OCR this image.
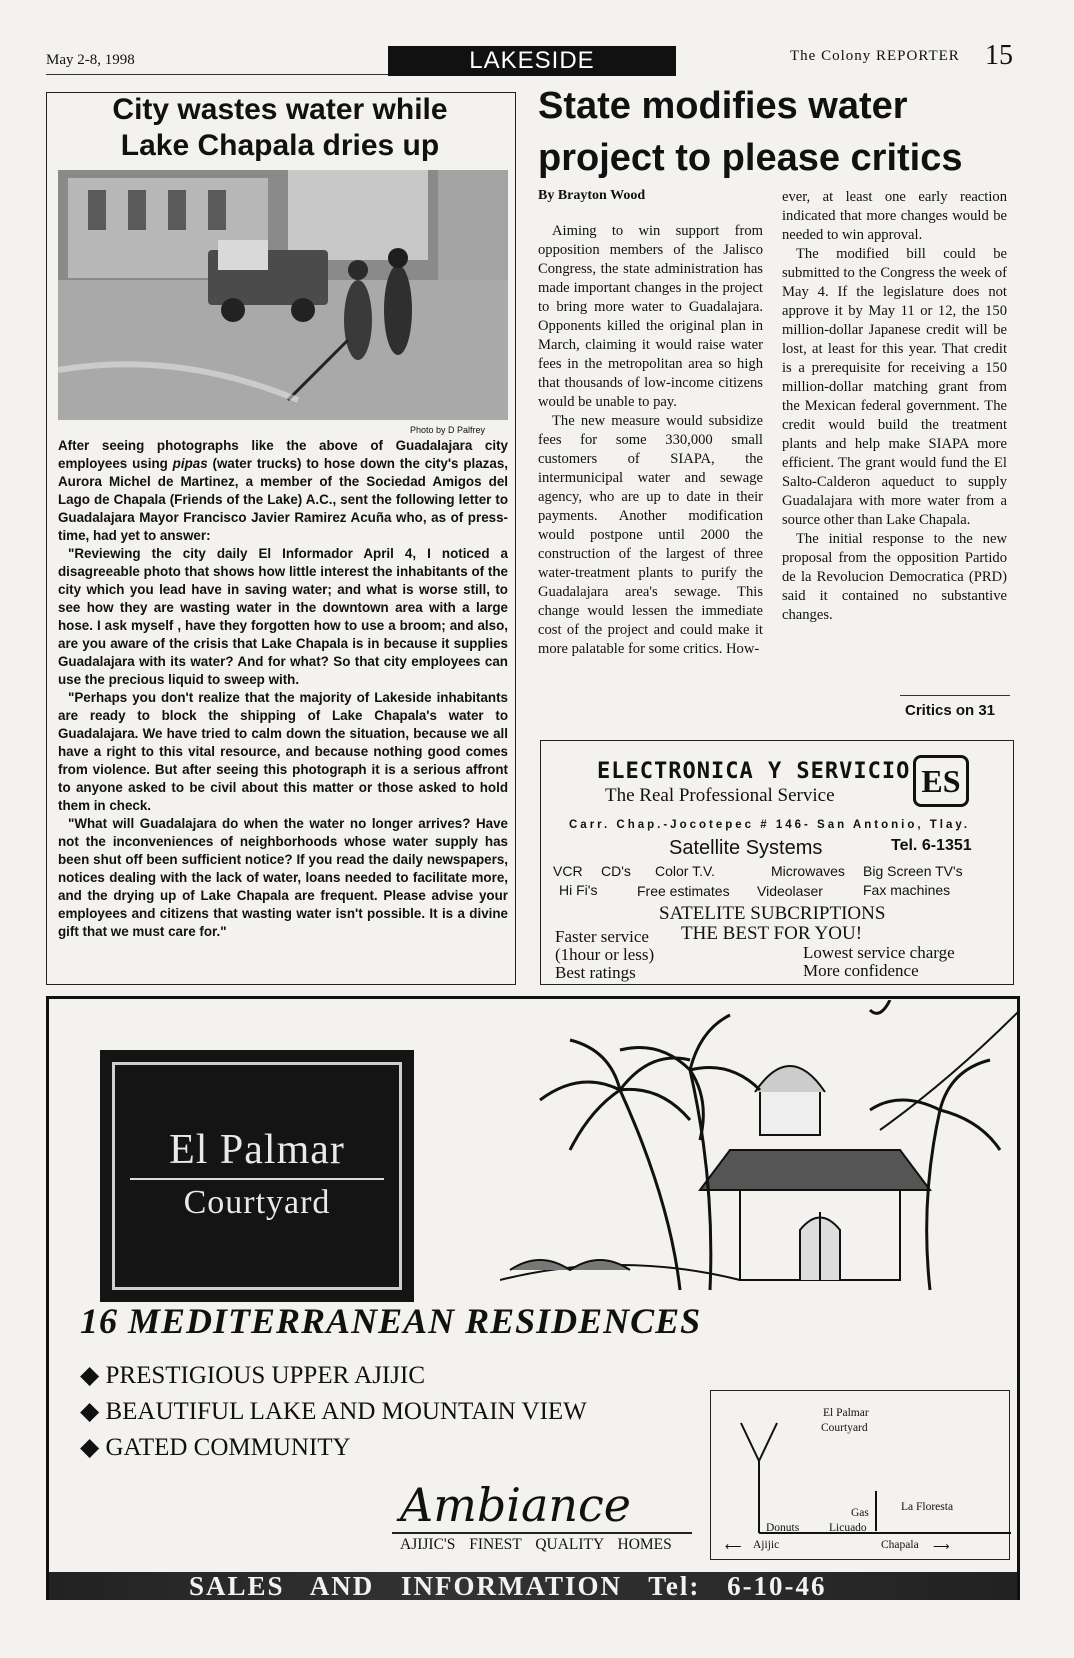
May 2-8, 1998	LAKESIDE	The Colony REPORTER 15
City wastes water while
Lake Chapala dries up
Photo by D Palfrey

After seeing photographs like the above of Guadalajara city employees using pipas (water trucks) to hose down the city's plazas, Aurora Michel de Martinez, a member of the Sociedad Amigos del Lago de Chapala (Friends of the Lake) A.C., sent the following letter to Guadalajara Mayor Francisco Javier Ramirez Acuña who, as of press-time, had yet to answer:

"Reviewing the city daily El Informador April 4, I noticed a disagreeable photo that shows how little interest the inhabitants of the city which you lead have in saving water; and what is worse still, to see how they are wasting water in the downtown area with a large hose. I ask myself , have they forgotten how to use a broom; and also, are you aware of the crisis that Lake Chapala is in because it supplies Guadalajara with its water? And for what? So that city employees can use the precious liquid to sweep with.

"Perhaps you don't realize that the majority of Lakeside inhabitants are ready to block the shipping of Lake Chapala's water to Guadalajara. We have tried to calm down the situation, because we all have a right to this vital resource, and because nothing good comes from violence. But after seeing this photograph it is a serious affront to anyone asked to be civil about this matter or those asked to hold them in check.

"What will Guadalajara do when the water no longer arrives? Have not the inconveniences of neighborhoods whose water supply has been shut off been sufficient notice? If you read the daily newspapers, notices dealing with the lack of water, loans needed to facilitate more, and the drying up of Lake Chapala are frequent. Please advise your employees and citizens that wasting water isn't possible. It is a divine gift that we must care for."

State modifies water
project to please critics
By Brayton Wood

Aiming to win support from opposition members of the Jalisco Congress, the state administration has made important changes in the project to bring more water to Guadalajara. Opponents killed the original plan in March, claiming it would raise water fees in the metropolitan area so high that thousands of low-income citizens would be unable to pay.

The new measure would subsidize fees for some 330,000 small customers of SIAPA, the intermunicipal water and sewage agency, who are up to date in their payments. Another modification would postpone until 2000 the construction of the largest of three water-treatment plants to purify the Guadalajara area's sewage. This change would lessen the immediate cost of the project and could make it more palatable for some critics. How-

ever, at least one early reaction indicated that more changes would be needed to win approval.

The modified bill could be submitted to the Congress the week of May 4. If the legislature does not approve it by May 11 or 12, the 150 million-dollar Japanese credit will be lost, at least for this year. That credit is a prerequisite for receiving a 150 million-dollar matching grant from the Mexican federal government. The credit would build the treatment plants and help make SIAPA more efficient. The grant would fund the El Salto-Calderon aqueduct to supply Guadalajara with more water from a source other than Lake Chapala.

The initial response to the new proposal from the opposition Partido de la Revolucion Democratica (PRD) said it contained no substantive changes.

Critics on 31
ELECTRONICA Y SERVICIO
The Real Professional Service	ES
Carr. Chap.-Jocotepec # 146- San Antonio, Tlay.
Satellite Systems	Tel. 6-1351
VCR CD's Color T.V.	Microwaves Big Screen TV's
Hi Fi's	Free estimates Videolaser	Fax machines
SATELITE SUBCRIPTIONS
THE BEST FOR YOU!
Faster service
(1hour or less)
Best ratings
Lowest service charge
More confidence
El Palmar
Courtyard
16 MEDITERRANEAN RESIDENCES
◆ PRESTIGIOUS UPPER AJIJIC
◆ BEAUTIFUL LAKE AND MOUNTAIN VIEW
◆ GATED COMMUNITY
Ambiance
AJIJIC'S FINEST QUALITY HOMES
El Palmar
Courtyard
Gas	La Floresta
Donuts	Licuado
⟵ Ajijic	Chapala ⟶
SALES AND INFORMATION Tel: 6-10-46
